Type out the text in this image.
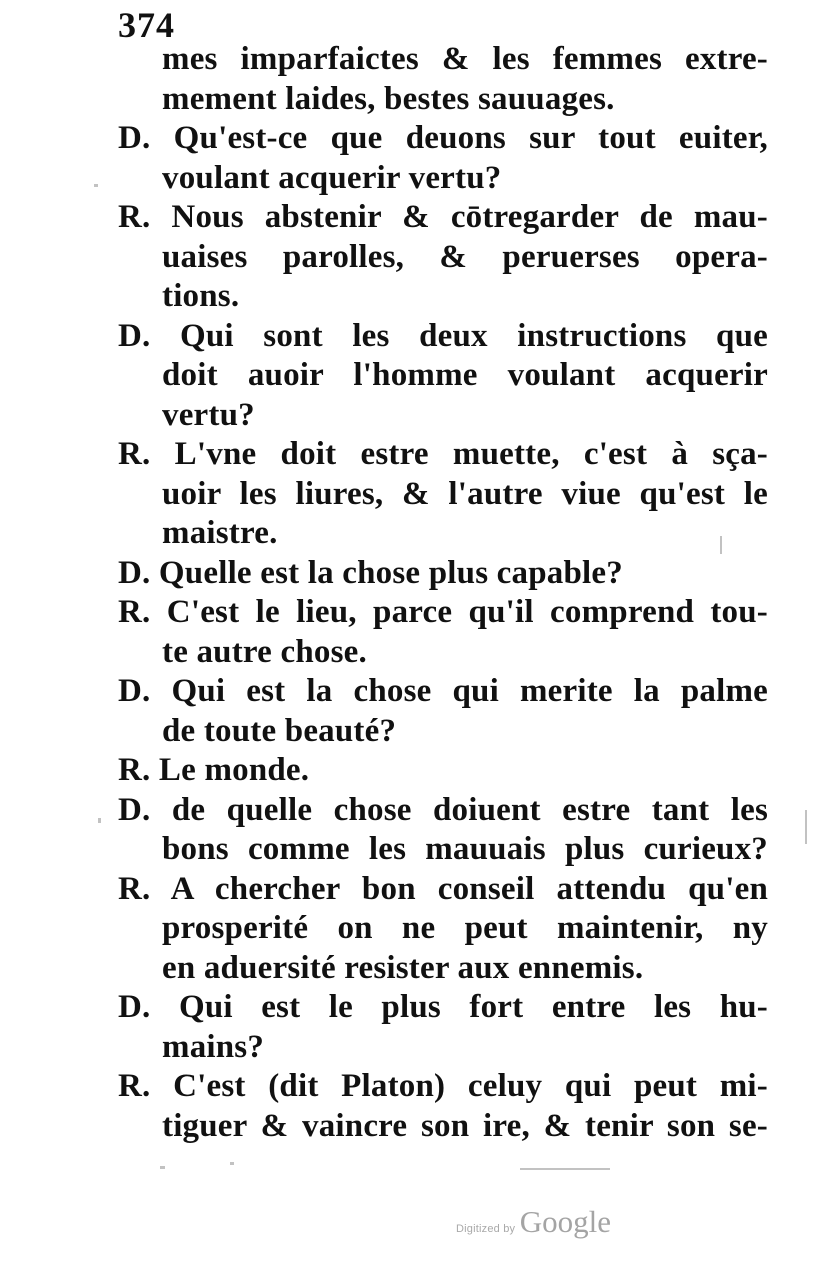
374
mes imparfaictes & les femmes extre-
mement laides, bestes sauuages.
D. Qu'est-ce que deuons sur tout euiter,
voulant acquerir vertu?
R. Nous abstenir & cōtregarder de mau-
uaises parolles, & peruerses opera-
tions.
D. Qui sont les deux instructions que
doit auoir l'homme voulant acquerir
vertu?
R. L'vne doit estre muette, c'est à sça-
uoir les liures, & l'autre viue qu'est le
maistre.
D. Quelle est la chose plus capable?
R. C'est le lieu, parce qu'il comprend tou-
te autre chose.
D. Qui est la chose qui merite la palme
de toute beauté?
R. Le monde.
D. de quelle chose doiuent estre tant les
bons comme les mauuais plus curieux?
R. A chercher bon conseil attendu qu'en
prosperité on ne peut maintenir, ny
en aduersité resister aux ennemis.
D. Qui est le plus fort entre les hu-
mains?
R. C'est (dit Platon) celuy qui peut mi-
tiguer & vaincre son ire, & tenir son se-
Digitized by Google
